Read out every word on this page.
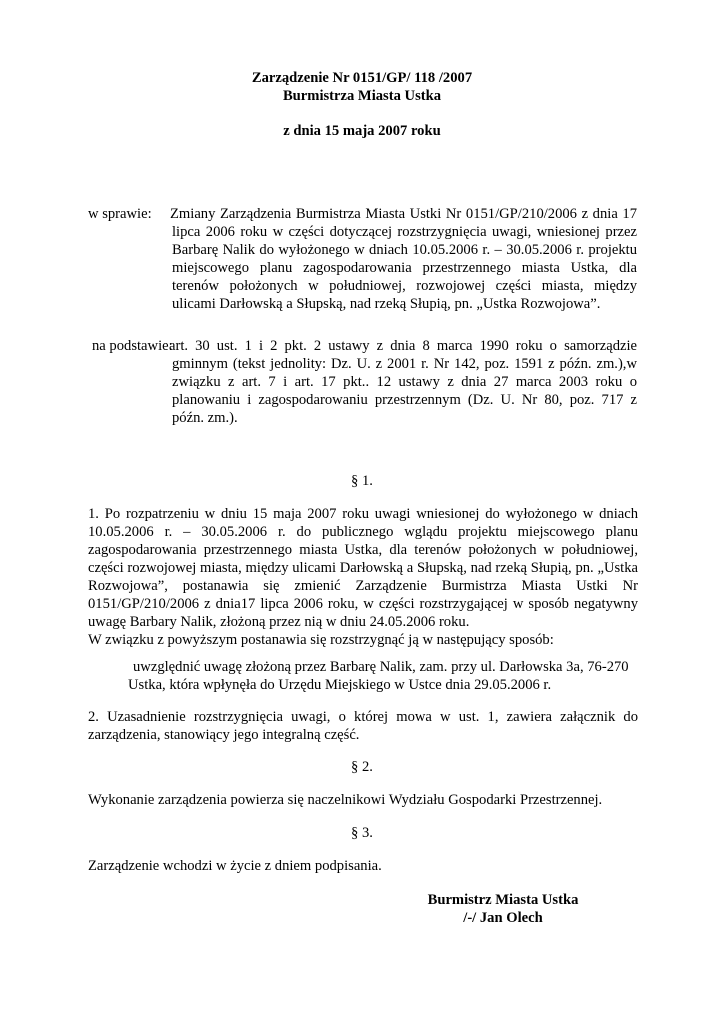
Zarządzenie Nr 0151/GP/ 118 /2007

Burmistrza Miasta Ustka

z dnia 15 maja 2007 roku
w sprawie: Zmiany Zarządzenia Burmistrza Miasta Ustki Nr 0151/GP/210/2006 z dnia 17

lipca 2006 roku w części dotyczącej rozstrzygnięcia uwagi, wniesionej przez

Barbarę Nalik do wyłożonego w dniach 10.05.2006 r. – 30.05.2006 r. projektu

miejscowego planu zagospodarowania przestrzennego miasta Ustka, dla

terenów położonych w południowej, rozwojowej części miasta, między

ulicami Darłowską a Słupską, nad rzeką Słupią, pn. „Ustka Rozwojowa”.

na podstawie:

art. 30 ust. 1 i 2 pkt. 2 ustawy z dnia 8 marca 1990 roku o samorządzie

gminnym (tekst jednolity: Dz. U. z 2001 r. Nr 142, poz. 1591 z późn. zm.),w

związku z art. 7 i art. 17 pkt.. 12 ustawy z dnia 27 marca 2003 roku o

planowaniu i zagospodarowaniu przestrzennym (Dz. U. Nr 80, poz. 717 z

późn. zm.).

§ 1.

1. Po rozpatrzeniu w dniu 15 maja 2007 roku uwagi wniesionej do wyłożonego w dniach

10.05.2006 r. – 30.05.2006 r. do publicznego wglądu projektu miejscowego planu

zagospodarowania przestrzennego miasta Ustka, dla terenów położonych w południowej,

części rozwojowej miasta, między ulicami Darłowską a Słupską, nad rzeką Słupią, pn. „Ustka

Rozwojowa”, postanawia się zmienić Zarządzenie Burmistrza Miasta Ustki Nr

0151/GP/210/2006 z dnia17 lipca 2006 roku, w części rozstrzygającej w sposób negatywny

uwagę Barbary Nalik, złożoną przez nią w dniu 24.05.2006 roku.

W związku z powyższym postanawia się rozstrzygnąć ją w następujący sposób:

uwzględnić uwagę złożoną przez Barbarę Nalik, zam. przy ul. Darłowska 3a, 76-270

Ustka, która wpłynęła do Urzędu Miejskiego w Ustce dnia 29.05.2006 r.

2. Uzasadnienie rozstrzygnięcia uwagi, o której mowa w ust. 1, zawiera załącznik do

zarządzenia, stanowiący jego integralną część.

§ 2.
Wykonanie zarządzenia powierza się naczelnikowi Wydziału Gospodarki Przestrzennej.
§ 3.
Zarządzenie wchodzi w życie z dniem podpisania.

Burmistrz Miasta Ustka

/-/ Jan Olech
